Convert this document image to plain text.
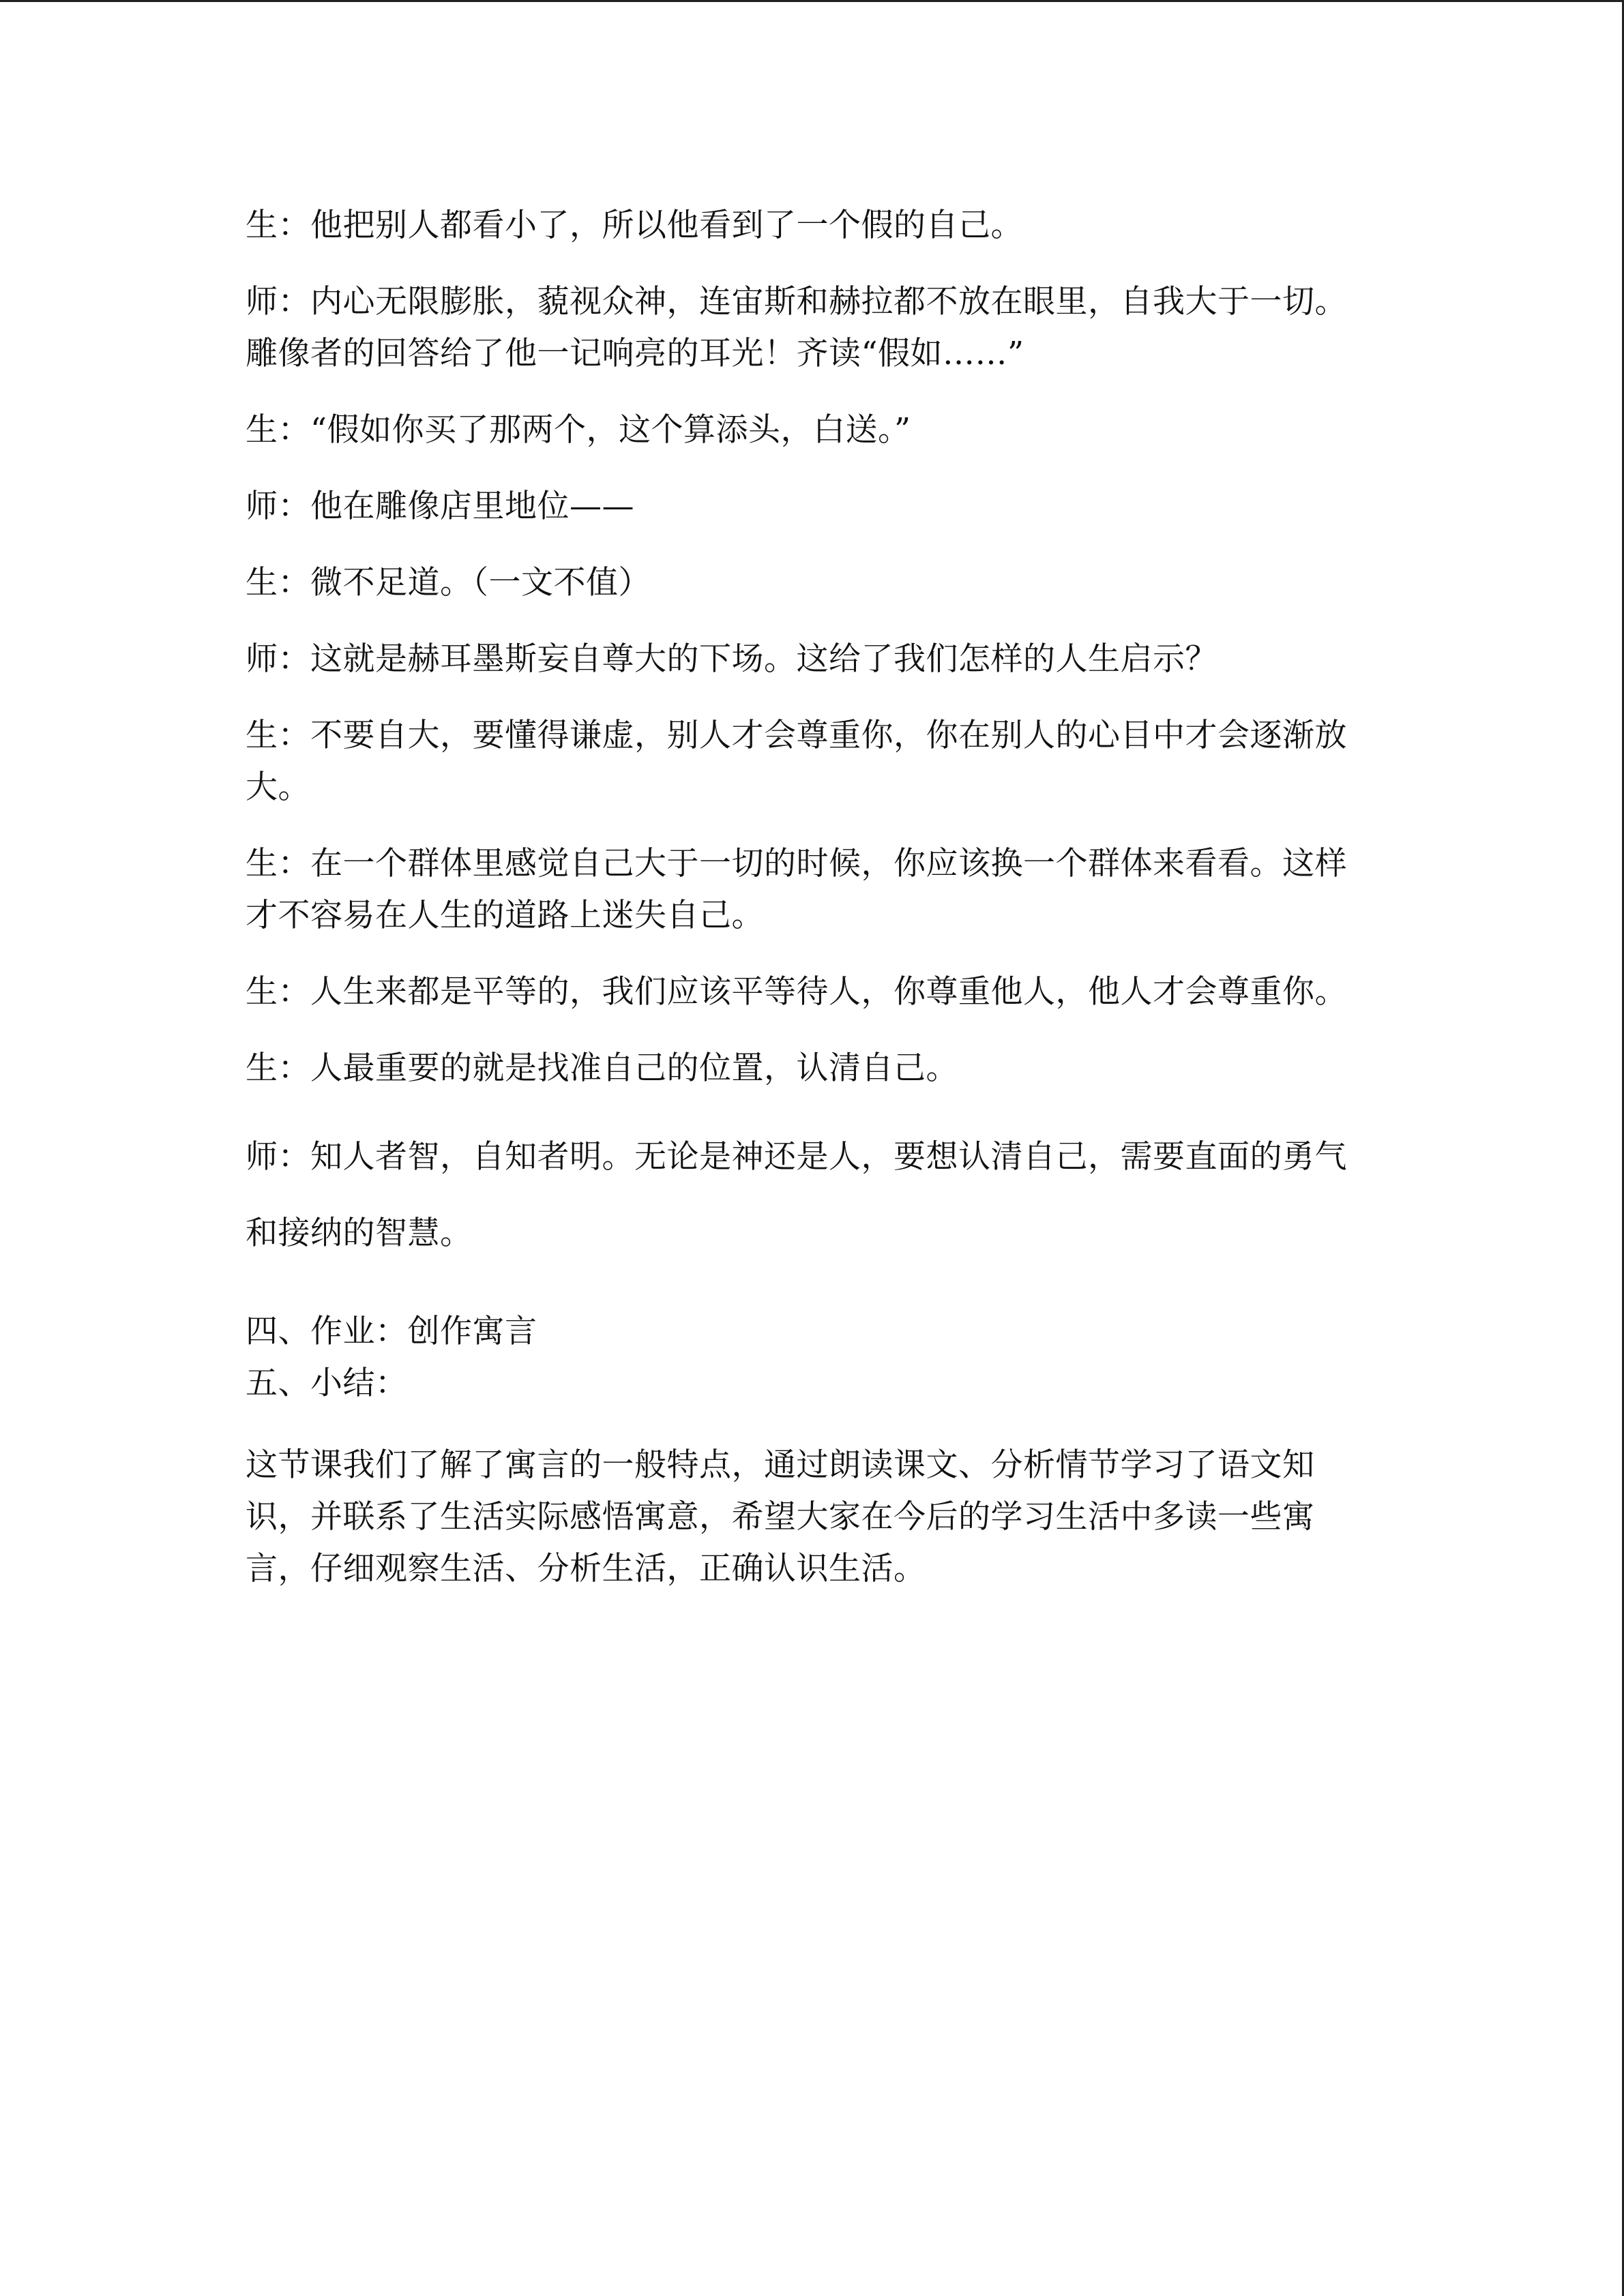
生：他把别人都看小了，所以他看到了一个假的自己。

师：内心无限膨胀，藐视众神，连宙斯和赫拉都不放在眼里，自我大于一切。雕像者的回答给了他一记响亮的耳光！齐读“假如……”

生：“假如你买了那两个，这个算添头，白送。”

师：他在雕像店里地位——

生：微不足道。（一文不值）

师：这就是赫耳墨斯妄自尊大的下场。这给了我们怎样的人生启示？

生：不要自大，要懂得谦虚，别人才会尊重你，你在别人的心目中才会逐渐放大。

生：在一个群体里感觉自己大于一切的时候，你应该换一个群体来看看。这样才不容易在人生的道路上迷失自己。

生：人生来都是平等的，我们应该平等待人，你尊重他人，他人才会尊重你。

生：人最重要的就是找准自己的位置，认清自己。

师：知人者智，自知者明。无论是神还是人，要想认清自己，需要直面的勇气和接纳的智慧。

四、作业：创作寓言

五、小结：

这节课我们了解了寓言的一般特点，通过朗读课文、分析情节学习了语文知识，并联系了生活实际感悟寓意，希望大家在今后的学习生活中多读一些寓言，仔细观察生活、分析生活，正确认识生活。
